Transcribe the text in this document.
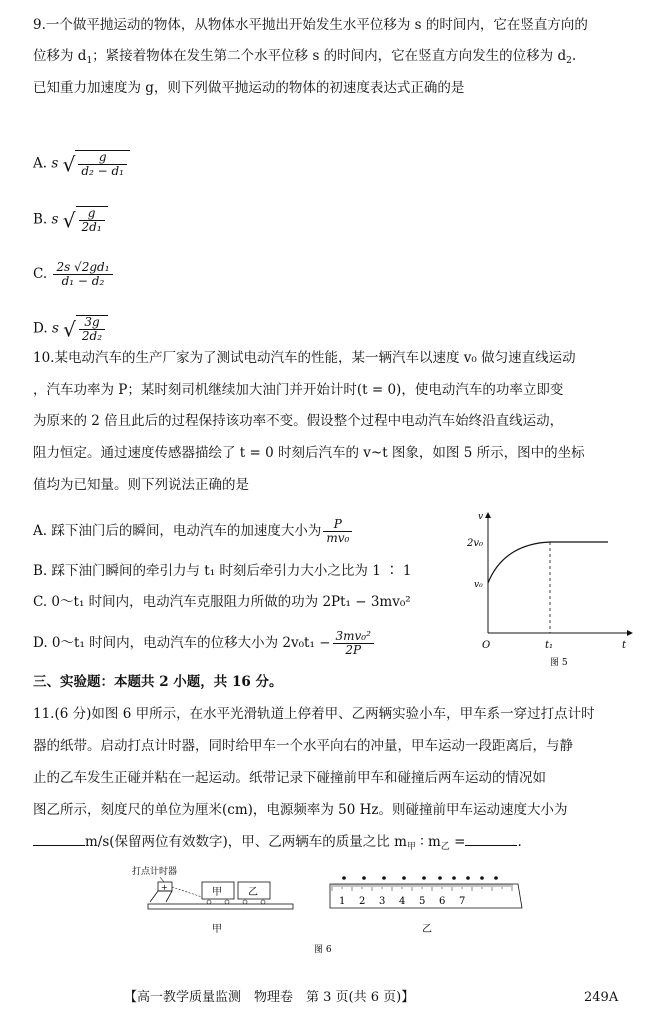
9.一个做平抛运动的物体，从物体水平抛出开始发生水平位移为 s 的时间内，它在竖直方向的
位移为 $d_1$；紧接着物体在发生第二个水平位移 s 的时间内，它在竖直方向发生的位移为 $d_2$.
已知重力加速度为 g，则下列做平抛运动的物体的初速度表达式正确的是
A. s √ $\frac{g}{\text{d₂ − d₁}}$
B. s √ $\frac{g}{\text{2d₁}}$
C. $\frac{\text{2s √2gd₁}}{\text{d₁ − d₂}}$
D. s √ $\frac{3g}{\text{2d₂}}$
10.某电动汽车的生产厂家为了测试电动汽车的性能，某一辆汽车以速度 v₀ 做匀速直线运动
，汽车功率为 P；某时刻司机继续加大油门并开始计时(t = 0)，使电动汽车的功率立即变
为原来的 2 倍且此后的过程保持该功率不变。假设整个过程中电动汽车始终沿直线运动，
阻力恒定。通过速度传感器描绘了 t = 0 时刻后汽车的 v~t 图象，如图 5 所示，图中的坐标
值均为已知量。则下列说法正确的是
A. 踩下油门后的瞬间，电动汽车的加速度大小为 $\frac{P}{\text{mv₀}}$
B. 踩下油门瞬间的牵引力与 t₁ 时刻后牵引力大小之比为 1 ∶ 1
C. 0～t₁ 时间内，电动汽车克服阻力所做的功为 2Pt₁ − 3mv₀²
D. 0～t₁ 时间内，电动汽车的位移大小为 $2v_0t_1 - \frac{\text{3mv₀²}}{2P}$
v
2v₀
v₀
O	t₁	t
图 5
三、实验题：本题共 2 小题，共 16 分。
11.(6 分)如图 6 甲所示，在水平光滑轨道上停着甲、乙两辆实验小车，甲车系一穿过打点计时
器的纸带。启动打点计时器，同时给甲车一个水平向右的冲量，甲车运动一段距离后，与静
止的乙车发生正碰并粘在一起运动。纸带记录下碰撞前甲车和碰撞后两车运动的情况如
图乙所示，刻度尺的单位为厘米(cm)，电源频率为 50 Hz。则碰撞前甲车运动速度大小为
m/s(保留两位有效数字)，甲、乙两辆车的质量之比 $m_甲$ ∶ $m_乙$ =	.
打点计时器
+	甲	乙
甲
1 2 3 4 5 6 7
乙
图 6
【高一教学质量监测　物理卷　第 3 页(共 6 页)】	249A
